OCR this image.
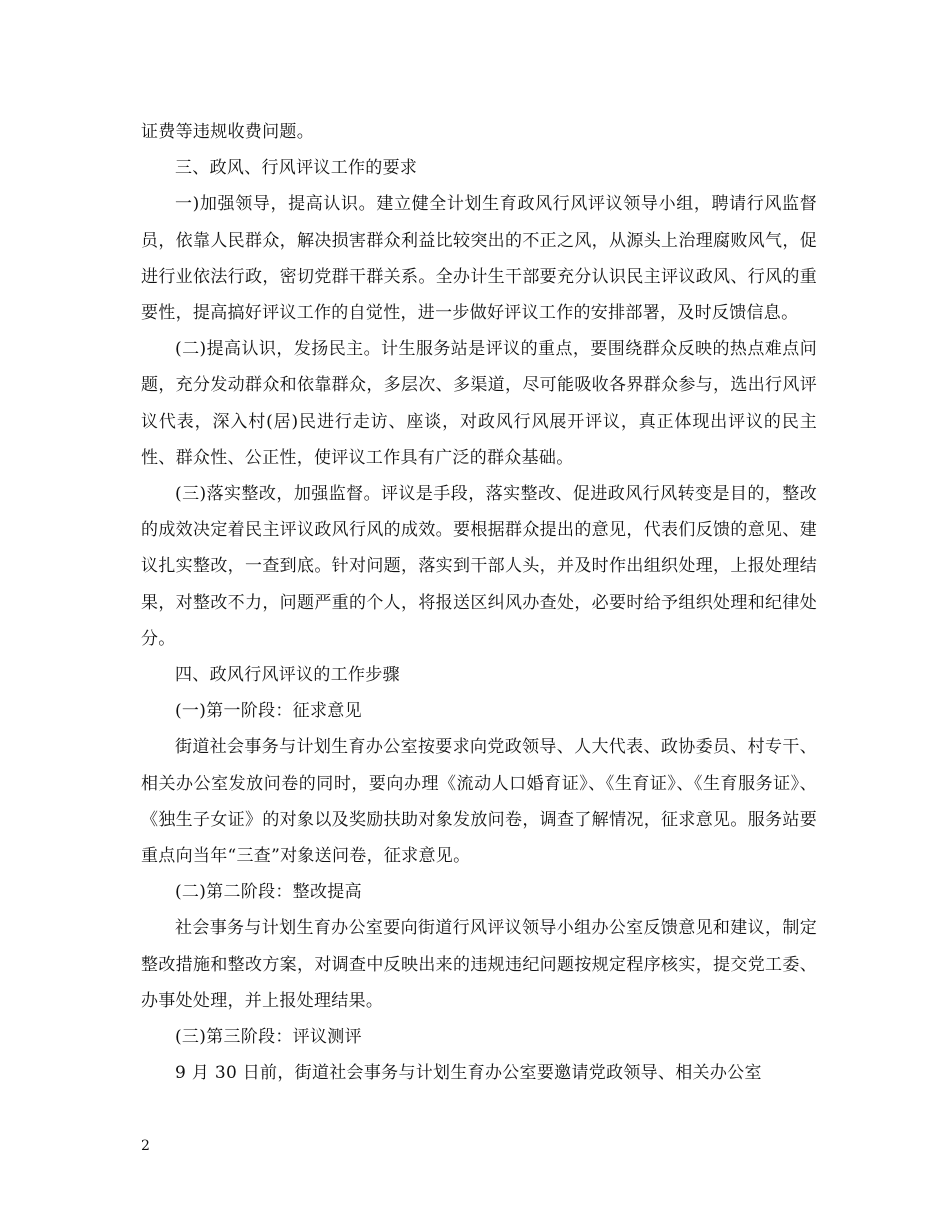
证费等违规收费问题。

三、政风、行风评议工作的要求

一)加强领导，提高认识。建立健全计划生育政风行风评议领导小组，聘请行风监督员，依靠人民群众，解决损害群众利益比较突出的不正之风，从源头上治理腐败风气，促进行业依法行政，密切党群干群关系。全办计生干部要充分认识民主评议政风、行风的重要性，提高搞好评议工作的自觉性，进一步做好评议工作的安排部署，及时反馈信息。

(二)提高认识，发扬民主。计生服务站是评议的重点，要围绕群众反映的热点难点问题，充分发动群众和依靠群众，多层次、多渠道，尽可能吸收各界群众参与，选出行风评议代表，深入村(居)民进行走访、座谈，对政风行风展开评议，真正体现出评议的民主性、群众性、公正性，使评议工作具有广泛的群众基础。

(三)落实整改，加强监督。评议是手段，落实整改、促进政风行风转变是目的，整改的成效决定着民主评议政风行风的成效。要根据群众提出的意见，代表们反馈的意见、建议扎实整改，一查到底。针对问题，落实到干部人头，并及时作出组织处理，上报处理结果，对整改不力，问题严重的个人，将报送区纠风办查处，必要时给予组织处理和纪律处分。

四、政风行风评议的工作步骤

(一)第一阶段：征求意见

街道社会事务与计划生育办公室按要求向党政领导、人大代表、政协委员、村专干、相关办公室发放问卷的同时，要向办理《流动人口婚育证》、《生育证》、《生育服务证》、《独生子女证》的对象以及奖励扶助对象发放问卷，调查了解情况，征求意见。服务站要重点向当年“三查”对象送问卷，征求意见。

(二)第二阶段：整改提高

社会事务与计划生育办公室要向街道行风评议领导小组办公室反馈意见和建议，制定整改措施和整改方案，对调查中反映出来的违规违纪问题按规定程序核实，提交党工委、办事处处理，并上报处理结果。

(三)第三阶段：评议测评

9 月 30 日前，街道社会事务与计划生育办公室要邀请党政领导、相关办公室

2
